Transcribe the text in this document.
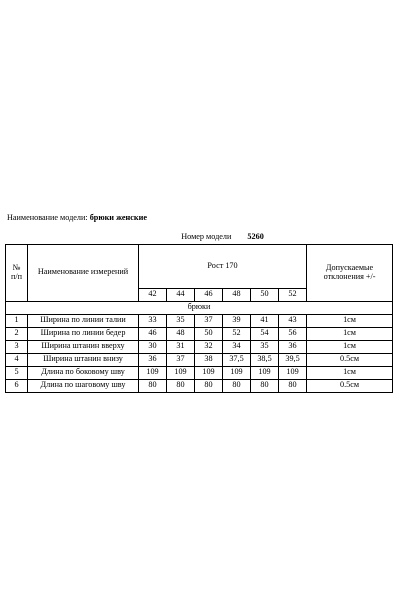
Наименование модели: брюки женские
		Номер модели 5260						
№
п/п	Наименование измерений	Рост 170						Допускаемые
отклонения +/-
		42	44	46	48	50	52	
брюки								
1	Ширина по линии талии	33	35	37	39	41	43	1см
2	Ширина по линии бедер	46	48	50	52	54	56	1см
3	Ширина штанин вверху	30	31	32	34	35	36	1см
4	Ширина штанин внизу	36	37	38	37,5	38,5	39,5	0.5см
5	Длина по боковому шву	109	109	109	109	109	109	1см
6	Длина по шаговому шву	80	80	80	80	80	80	0.5см
